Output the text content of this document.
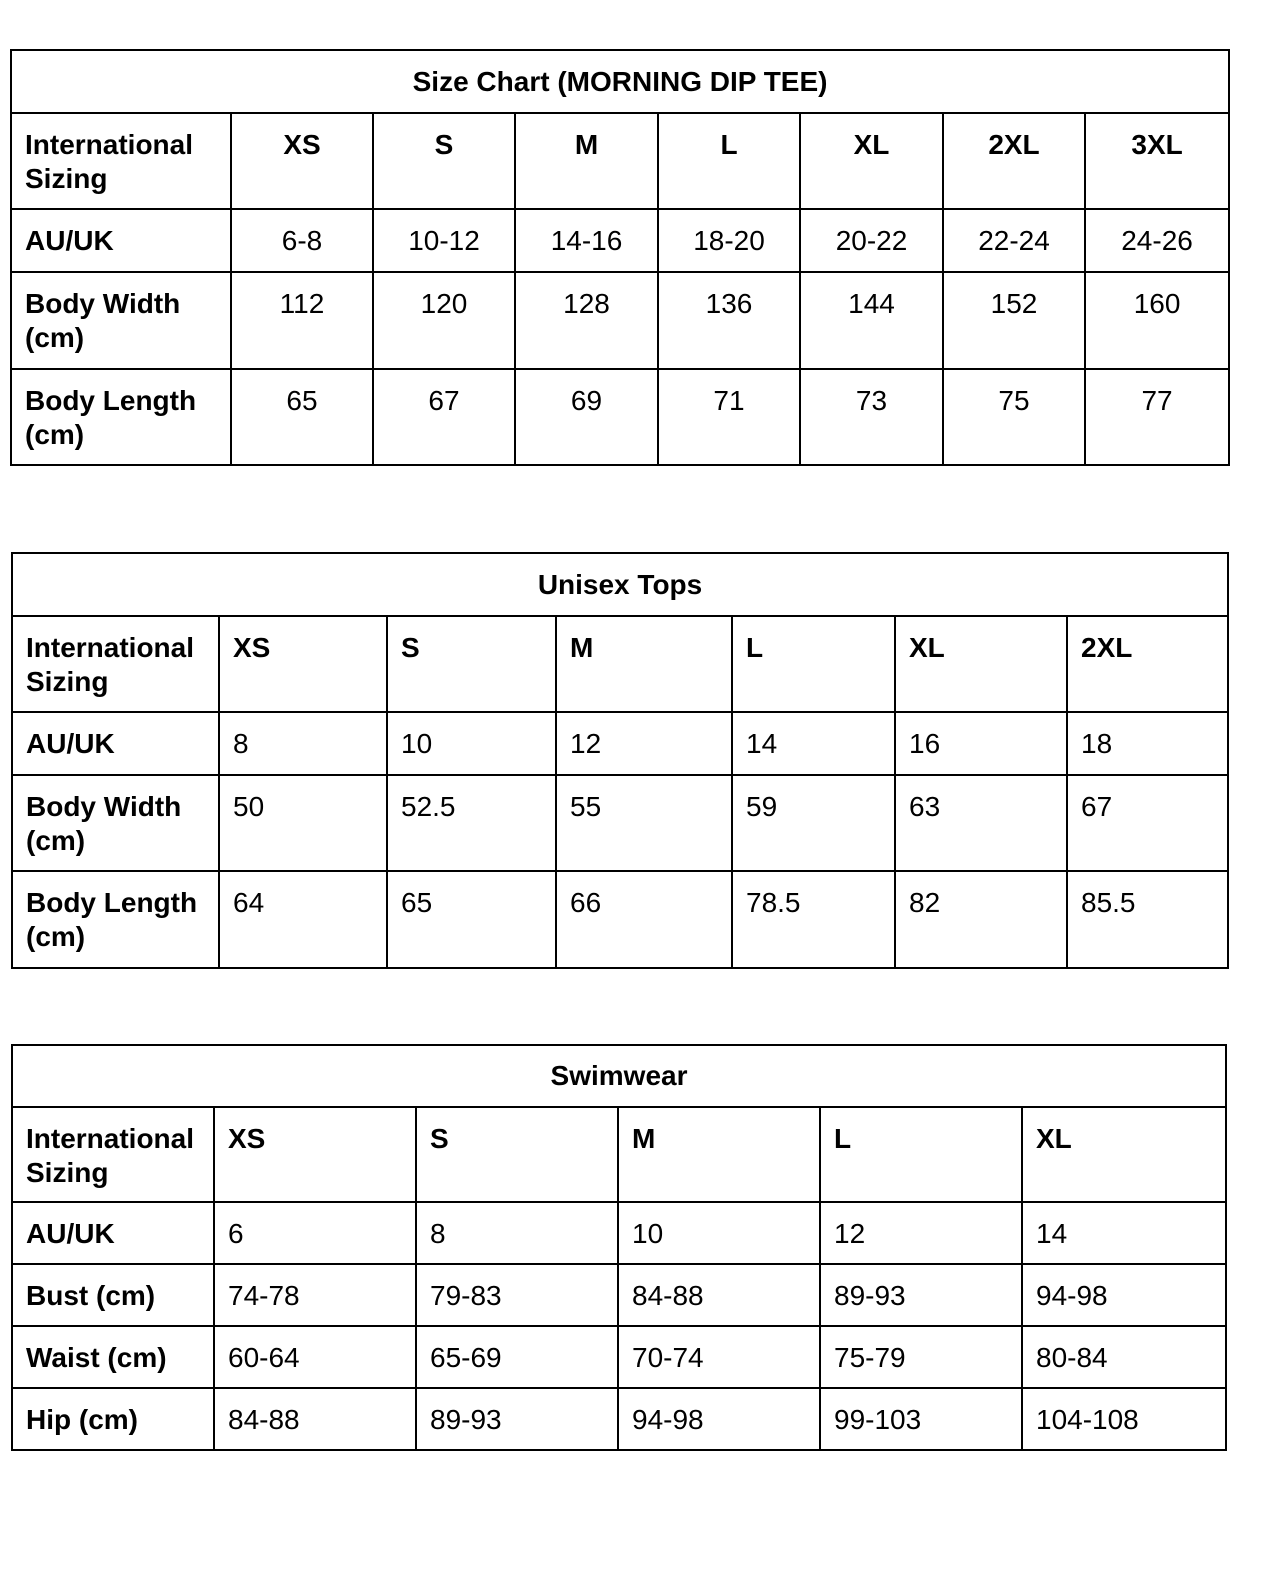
Size Chart (MORNING DIP TEE)							
International Sizing	XS	S	M	L	XL	2XL	3XL
AU/UK	6-8	10-12	14-16	18-20	20-22	22-24	24-26
Body Width (cm)	112	120	128	136	144	152	160
Body Length (cm)	65	67	69	71	73	75	77
Unisex Tops						
International Sizing	XS	S	M	L	XL	2XL
AU/UK	8	10	12	14	16	18
Body Width (cm)	50	52.5	55	59	63	67
Body Length (cm)	64	65	66	78.5	82	85.5
Swimwear					
International Sizing	XS	S	M	L	XL
AU/UK	6	8	10	12	14
Bust (cm)	74-78	79-83	84-88	89-93	94-98
Waist (cm)	60-64	65-69	70-74	75-79	80-84
Hip (cm)	84-88	89-93	94-98	99-103	104-108
